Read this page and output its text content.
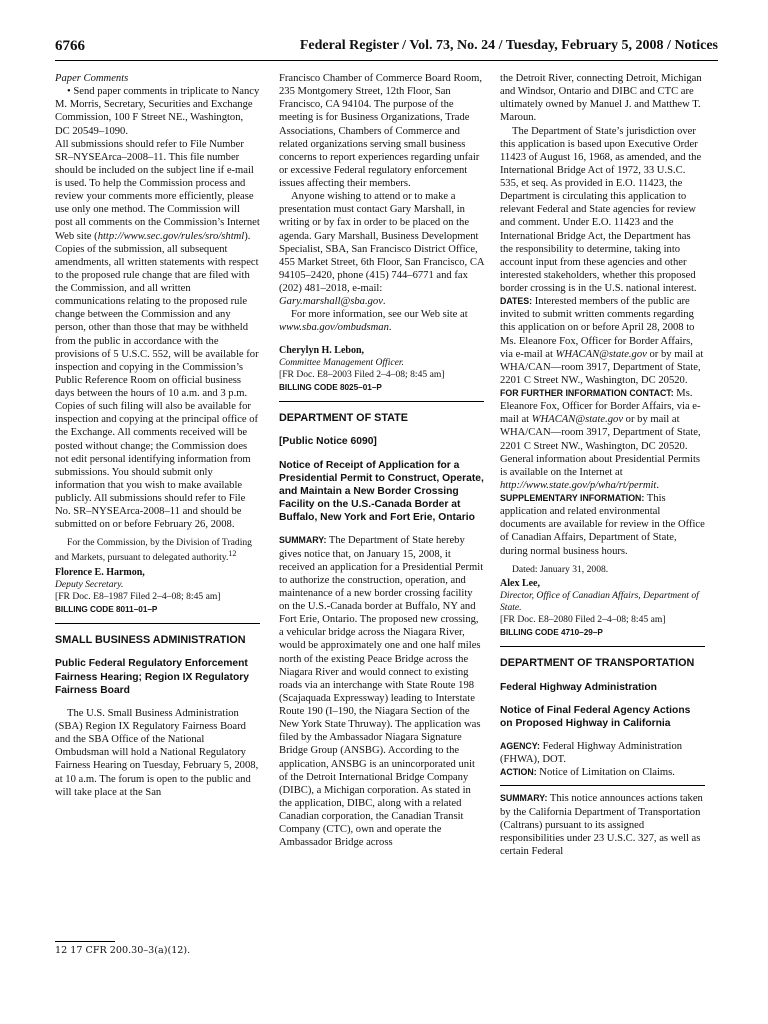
6766	Federal Register / Vol. 73, No. 24 / Tuesday, February 5, 2008 / Notices

Paper Comments

• Send paper comments in triplicate to Nancy M. Morris, Secretary, Securities and Exchange Commission, 100 F Street NE., Washington, DC 20549–1090.

All submissions should refer to File Number SR–NYSEArca–2008–11. This file number should be included on the subject line if e-mail is used. To help the Commission process and review your comments more efficiently, please use only one method. The Commission will post all comments on the Commission’s Internet Web site (http://www.sec.gov/rules/sro/shtml). Copies of the submission, all subsequent amendments, all written statements with respect to the proposed rule change that are filed with the Commission, and all written communications relating to the proposed rule change between the Commission and any person, other than those that may be withheld from the public in accordance with the provisions of 5 U.S.C. 552, will be available for inspection and copying in the Commission’s Public Reference Room on official business days between the hours of 10 a.m. and 3 p.m. Copies of such filing will also be available for inspection and copying at the principal office of the Exchange. All comments received will be posted without change; the Commission does not edit personal identifying information from submissions. You should submit only information that you wish to make available publicly. All submissions should refer to File No. SR–NYSEArca-2008–11 and should be submitted on or before February 26, 2008.

For the Commission, by the Division of Trading and Markets, pursuant to delegated authority.$^{12}$

Florence E. Harmon,

Deputy Secretary.

[FR Doc. E8–1987 Filed 2–4–08; 8:45 am]

BILLING CODE 8011–01–P

SMALL BUSINESS ADMINISTRATION

Public Federal Regulatory Enforcement Fairness Hearing; Region IX Regulatory Fairness Board

The U.S. Small Business Administration (SBA) Region IX Regulatory Fairness Board and the SBA Office of the National Ombudsman will hold a National Regulatory Fairness Hearing on Tuesday, February 5, 2008, at 10 a.m. The forum is open to the public and will take place at the San

12 17 CFR 200.30–3(a)(12).

Francisco Chamber of Commerce Board Room, 235 Montgomery Street, 12th Floor, San Francisco, CA 94104. The purpose of the meeting is for Business Organizations, Trade Associations, Chambers of Commerce and related organizations serving small business concerns to report experiences regarding unfair or excessive Federal regulatory enforcement issues affecting their members.

Anyone wishing to attend or to make a presentation must contact Gary Marshall, in writing or by fax in order to be placed on the agenda. Gary Marshall, Business Development Specialist, SBA, San Francisco District Office, 455 Market Street, 6th Floor, San Francisco, CA 94105–2420, phone (415) 744–6771 and fax (202) 481–2018, e-mail: Gary.marshall@sba.gov.

For more information, see our Web site at www.sba.gov/ombudsman.

Cherylyn H. Lebon,

Committee Management Officer.

[FR Doc. E8–2003 Filed 2–4–08; 8:45 am]

BILLING CODE 8025–01–P

DEPARTMENT OF STATE

[Public Notice 6090]

Notice of Receipt of Application for a Presidential Permit to Construct, Operate, and Maintain a New Border Crossing Facility on the U.S.-Canada Border at Buffalo, New York and Fort Erie, Ontario

SUMMARY: The Department of State hereby gives notice that, on January 15, 2008, it received an application for a Presidential Permit to authorize the construction, operation, and maintenance of a new border crossing facility on the U.S.-Canada border at Buffalo, NY and Fort Erie, Ontario. The proposed new crossing, a vehicular bridge across the Niagara River, would be approximately one and one half miles north of the existing Peace Bridge across the Niagara River and would connect to existing roads via an interchange with State Route 198 (Scajaquada Expressway) leading to Interstate Route 190 (I–190, the Niagara Section of the New York State Thruway). The application was filed by the Ambassador Niagara Signature Bridge Group (ANSBG). According to the application, ANSBG is an unincorporated unit of the Detroit International Bridge Company (DIBC), a Michigan corporation. As stated in the application, DIBC, along with a related Canadian corporation, the Canadian Transit Company (CTC), own and operate the Ambassador Bridge across

the Detroit River, connecting Detroit, Michigan and Windsor, Ontario and DIBC and CTC are ultimately owned by Manuel J. and Matthew T. Maroun.

The Department of State’s jurisdiction over this application is based upon Executive Order 11423 of August 16, 1968, as amended, and the International Bridge Act of 1972, 33 U.S.C. 535, et seq. As provided in E.O. 11423, the Department is circulating this application to relevant Federal and State agencies for review and comment. Under E.O. 11423 and the International Bridge Act, the Department has the responsibility to determine, taking into account input from these agencies and other interested stakeholders, whether this proposed border crossing is in the U.S. national interest.

DATES: Interested members of the public are invited to submit written comments regarding this application on or before April 28, 2008 to Ms. Eleanore Fox, Officer for Border Affairs, via e-mail at WHACAN@state.gov or by mail at WHA/CAN—room 3917, Department of State, 2201 C Street NW., Washington, DC 20520.

FOR FURTHER INFORMATION CONTACT: Ms. Eleanore Fox, Officer for Border Affairs, via e-mail at WHACAN@state.gov or by mail at WHA/CAN—room 3917, Department of State, 2201 C Street NW., Washington, DC 20520. General information about Presidential Permits is available on the Internet at http://www.state.gov/p/wha/rt/permit.

SUPPLEMENTARY INFORMATION: This application and related environmental documents are available for review in the Office of Canadian Affairs, Department of State, during normal business hours.

Dated: January 31, 2008.

Alex Lee,

Director, Office of Canadian Affairs, Department of State.

[FR Doc. E8–2080 Filed 2–4–08; 8:45 am]

BILLING CODE 4710–29–P

DEPARTMENT OF TRANSPORTATION

Federal Highway Administration

Notice of Final Federal Agency Actions on Proposed Highway in California

AGENCY: Federal Highway Administration (FHWA), DOT.

ACTION: Notice of Limitation on Claims.

SUMMARY: This notice announces actions taken by the California Department of Transportation (Caltrans) pursuant to its assigned responsibilities under 23 U.S.C. 327, as well as certain Federal
